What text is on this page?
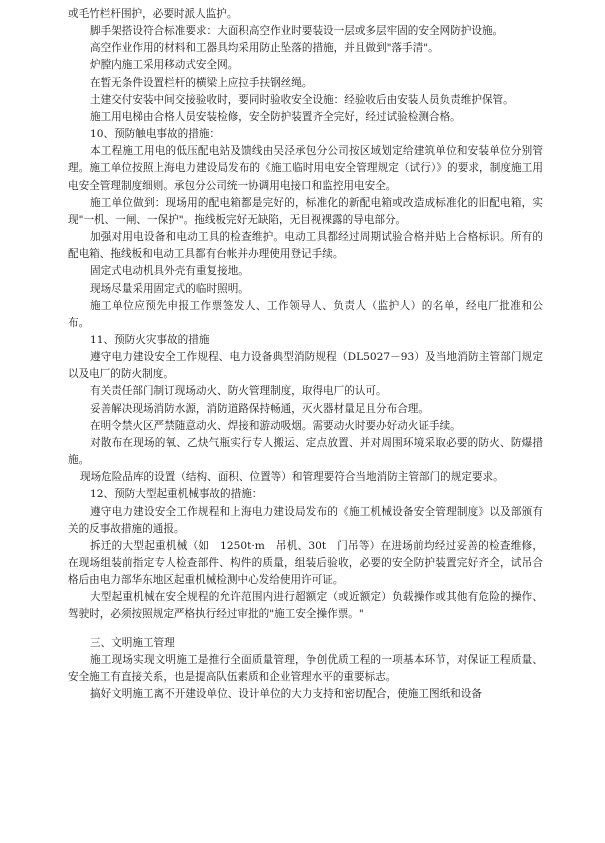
或毛竹栏杆围护，必要时派人监护。

脚手架搭设符合标准要求：大面积高空作业时要装设一层或多层牢固的安全网防护设施。

高空作业作用的材料和工器具均采用防止坠落的措施，并且做到"落手清"。

炉膛内施工采用移动式安全网。

在暂无条件设置栏杆的横梁上应拉手扶钢丝绳。

土建交付安装中间交接验收时，要同时验收安全设施：经验收后由安装人员负责维护保管。

施工用电梯由合格人员安装检修，安全防护装置齐全完好，经过试验检测合格。

10、预防触电事故的措施：

本工程施工用电的低压配电站及馈线由吴泾承包分公司按区域划定给建筑单位和安装单位分别管理。施工单位按照上海电力建设局发布的《施工临时用电安全管理规定（试行）》的要求，制度施工用电安全管理制度细则。承包分公司统一协调用电接口和监控用电安全。

施工单位做到：现场用的配电箱都是完好的，标准化的新配电箱或改造成标准化的旧配电箱，实现"一机、一闸、一保护"。拖线板完好无缺陷，无目视裸露的导电部分。

加强对用电设备和电动工具的检查维护。电动工具都经过周期试验合格并贴上合格标识。所有的配电箱、拖线板和电动工具都有台帐并办理使用登记手续。

固定式电动机具外壳有重复接地。

现场尽量采用固定式的临时照明。

施工单位应预先申报工作票签发人、工作领导人、负责人（监护人）的名单，经电厂批准和公布。

11、预防火灾事故的措施

遵守电力建设安全工作规程、电力设备典型消防规程（DL5027－93）及当地消防主管部门规定以及电厂的防火制度。

有关责任部门制订现场动火、防火管理制度，取得电厂的认可。

妥善解决现场消防水源，消防道路保持畅通，灭火器材量足且分布合理。

在明令禁火区严禁随意动火、焊接和游动吸烟。需要动火时要办好动火证手续。

对散布在现场的氧、乙炔气瓶实行专人搬运、定点放置、并对周围环境采取必要的防火、防爆措施。

现场危险品库的设置（结构、面积、位置等）和管理要符合当地消防主管部门的规定要求。

12、预防大型起重机械事故的措施：

遵守电力建设安全工作规程和上海电力建设局发布的《施工机械设备安全管理制度》以及部颁有关的反事故措施的通报。

拆迁的大型起重机械（如　1250t·m　吊机、30t　门吊等）在进场前均经过妥善的检查维修，在现场组装前指定专人检查部件、构件的质量，组装后验收，必要的安全防护装置完好齐全，试吊合格后由电力部华东地区起重机械检测中心发给使用许可证。

大型起重机械在安全规程的允许范围内进行超额定（或近额定）负载操作或其他有危险的操作、驾驶时，必须按照规定严格执行经过审批的"施工安全操作票。"

三、文明施工管理

施工现场实现文明施工是推行全面质量管理，争创优质工程的一项基本环节，对保证工程质量、安全施工有直接关系，也是提高队伍素质和企业管理水平的重要标志。

搞好文明施工离不开建设单位、设计单位的大力支持和密切配合，使施工图纸和设备
